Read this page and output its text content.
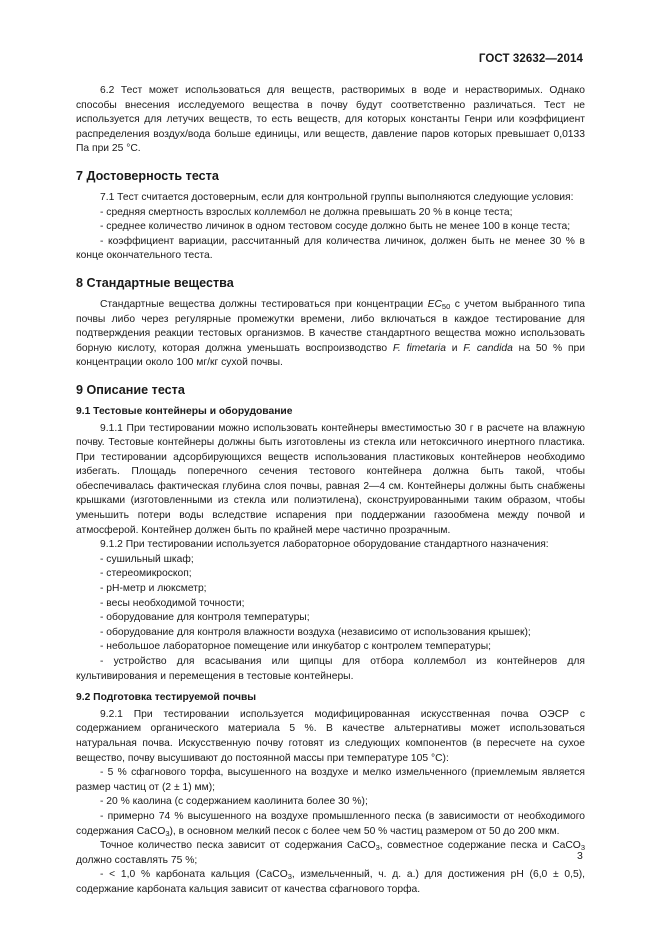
ГОСТ 32632—2014

6.2 Тест может использоваться для веществ, растворимых в воде и нерастворимых. Однако способы внесения исследуемого вещества в почву будут соответственно различаться. Тест не используется для летучих веществ, то есть веществ, для которых константы Генри или коэффициент распределения воздух/вода больше единицы, или веществ, давление паров которых превышает 0,0133 Па при 25 °С.

7 Достоверность теста

7.1 Тест считается достоверным, если для контрольной группы выполняются следующие условия:

- средняя смертность взрослых коллембол не должна превышать 20 % в конце теста;

- среднее количество личинок в одном тестовом сосуде должно быть не менее 100 в конце теста;

- коэффициент вариации, рассчитанный для количества личинок, должен быть не менее 30 % в конце окончательного теста.

8 Стандартные вещества

Стандартные вещества должны тестироваться при концентрации $EC_{50}$ с учетом выбранного типа почвы либо через регулярные промежутки времени, либо включаться в каждое тестирование для подтверждения реакции тестовых организмов. В качестве стандартного вещества можно использовать борную кислоту, которая должна уменьшать воспроизводство F. fimetaria и F. candida на 50 % при концентрации около 100 мг/кг сухой почвы.

9 Описание теста
9.1 Тестовые контейнеры и оборудование

9.1.1 При тестировании можно использовать контейнеры вместимостью 30 г в расчете на влажную почву. Тестовые контейнеры должны быть изготовлены из стекла или нетоксичного инертного пластика. При тестировании адсорбирующихся веществ использования пластиковых контейнеров необходимо избегать. Площадь поперечного сечения тестового контейнера должна быть такой, чтобы обеспечивалась фактическая глубина слоя почвы, равная 2—4 см. Контейнеры должны быть снабжены крышками (изготовленными из стекла или полиэтилена), сконструированными таким образом, чтобы уменьшить потери воды вследствие испарения при поддержании газообмена между почвой и атмосферой. Контейнер должен быть по крайней мере частично прозрачным.

9.1.2 При тестировании используется лабораторное оборудование стандартного назначения:

- сушильный шкаф;

- стереомикроскоп;

- pH-метр и люксметр;

- весы необходимой точности;

- оборудование для контроля температуры;

- оборудование для контроля влажности воздуха (независимо от использования крышек);

- небольшое лабораторное помещение или инкубатор с контролем температуры;

- устройство для всасывания или щипцы для отбора коллембол из контейнеров для культивирования и перемещения в тестовые контейнеры.

9.2 Подготовка тестируемой почвы

9.2.1 При тестировании используется модифицированная искусственная почва ОЭСР с содержанием органического материала 5 %. В качестве альтернативы может использоваться натуральная почва. Искусственную почву готовят из следующих компонентов (в пересчете на сухое вещество, почву высушивают до постоянной массы при температуре 105 °С):

- 5 % сфагнового торфа, высушенного на воздухе и мелко измельченного (приемлемым является размер частиц от (2 ± 1) мм);

- 20 % каолина (с содержанием каолинита более 30 %);

- примерно 74 % высушенного на воздухе промышленного песка (в зависимости от необходимого содержания CaCO$_3$), в основном мелкий песок с более чем 50 % частиц размером от 50 до 200 мкм.

Точное количество песка зависит от содержания CaCO$_3$, совместное содержание песка и CaCO$_3$ должно составлять 75 %;

- < 1,0 % карбоната кальция (CaCO$_3$, измельченный, ч. д. а.) для достижения pH (6,0 ± 0,5), содержание карбоната кальция зависит от качества сфагнового торфа.

3
